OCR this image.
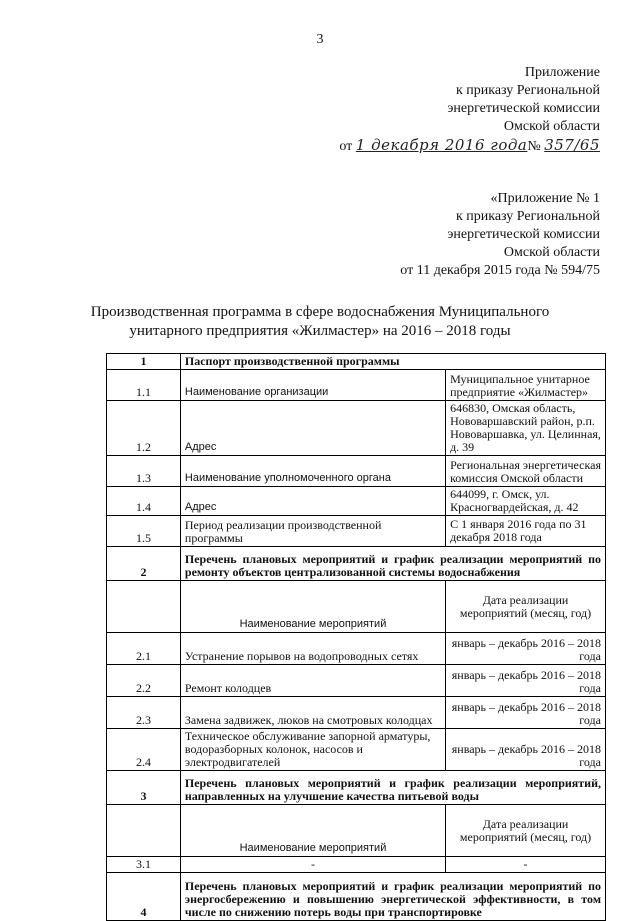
3
Приложение
к приказу Региональной
энергетической комиссии
Омской области
от 1 декабря 2016 года№ 357/65
«Приложение № 1
к приказу Региональной
энергетической комиссии
Омской области
от 11 декабря 2015 года № 594/75
Производственная программа в сфере водоснабжения Муниципального
унитарного предприятия «Жилмастер» на 2016 – 2018 годы
1	Паспорт производственной программы	
1.1	Наименование организации	Муниципальное унитарное предприятие «Жилмастер»
1.2	Адрес	646830, Омская область, Нововаршавский район, р.п. Нововаршавка, ул. Целинная, д. 39
1.3	Наименование уполномоченного органа	Региональная энергетическая комиссия Омской области
1.4	Адрес	644099, г. Омск, ул. Красногвардейская, д. 42
1.5	Период реализации производственной программы	С 1 января 2016 года по 31 декабря 2018 года
2	Перечень плановых мероприятий и график реализации мероприятий по ремонту объектов централизованной системы водоснабжения	
	Наименование мероприятий	Дата реализации мероприятий (месяц, год)
2.1	Устранение порывов на водопроводных сетях	январь – декабрь 2016 – 2018 года
2.2	Ремонт колодцев	январь – декабрь 2016 – 2018 года
2.3	Замена задвижек, люков на смотровых колодцах	январь – декабрь 2016 – 2018 года
2.4	Техническое обслуживание запорной арматуры, водоразборных колонок, насосов и электродвигателей	январь – декабрь 2016 – 2018 года
3	Перечень плановых мероприятий и график реализации мероприятий, направленных на улучшение качества питьевой воды	
	Наименование мероприятий	Дата реализации мероприятий (месяц, год)
3.1	-	-
4	Перечень плановых мероприятий и график реализации мероприятий по энергосбережению и повышению энергетической эффективности, в том числе по снижению потерь воды при транспортировке	
